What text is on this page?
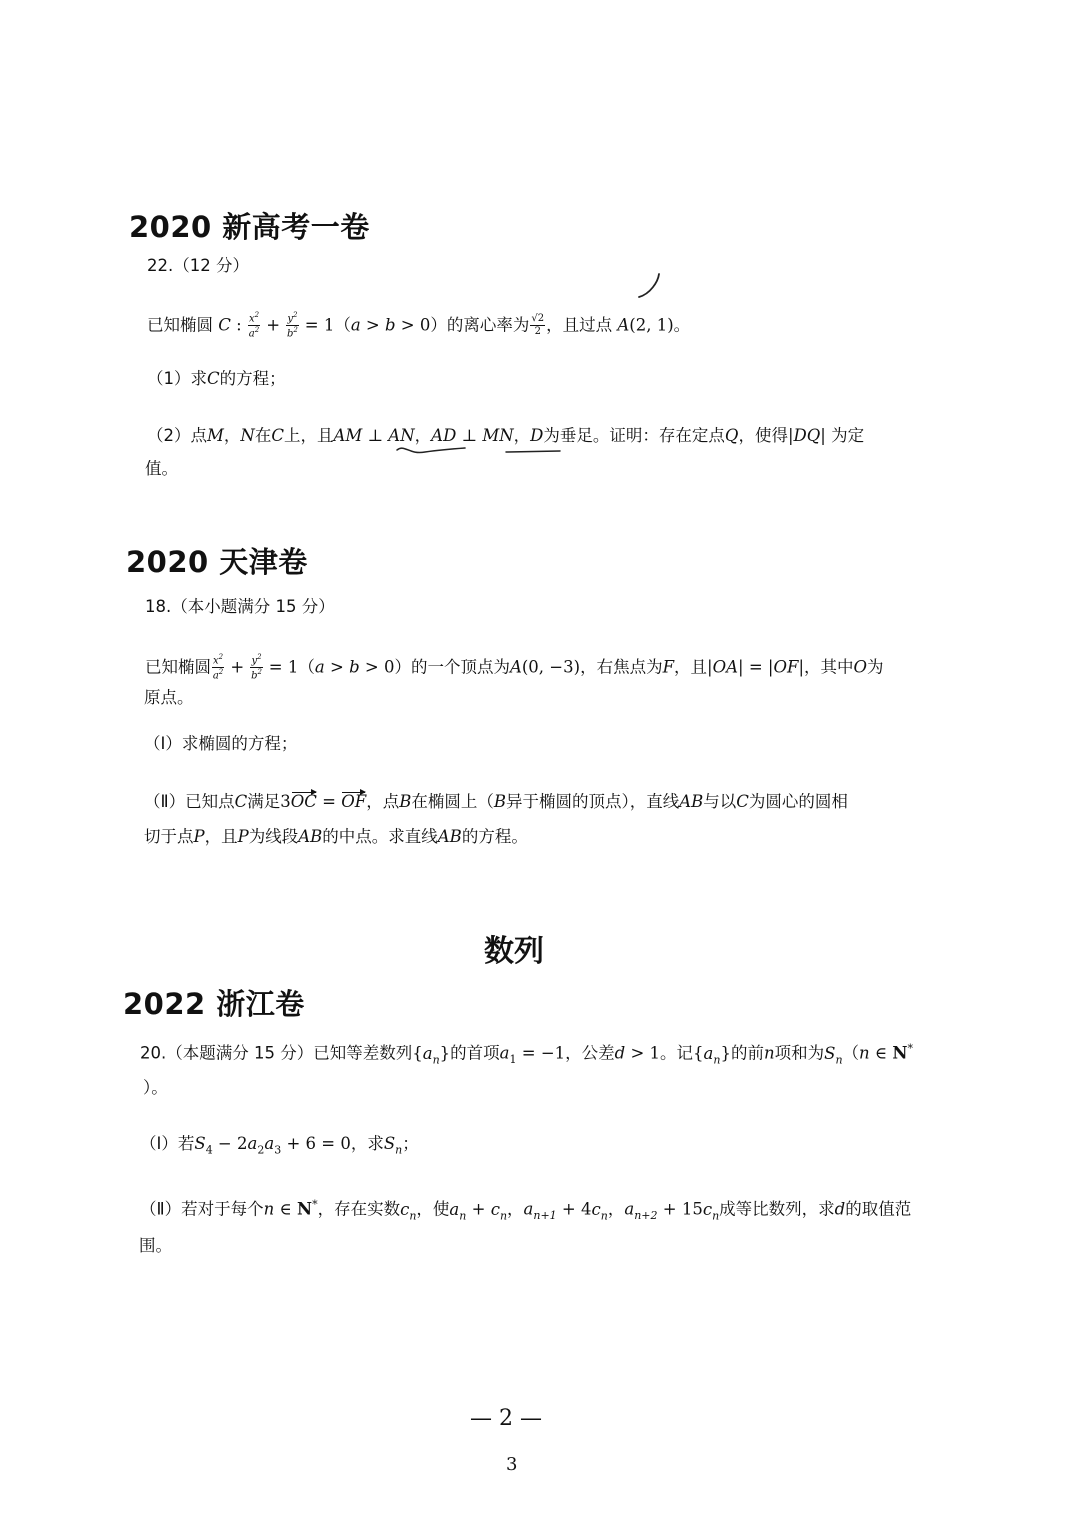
2020 新高考一卷
22.（12 分）
已知椭圆 C : $\frac{x^2}{a^2} + \frac{y^2}{b^2} = 1(a > b > 0)$的离心率为 $\frac{√2}{2}$ ，且过点 A(2, 1)。
（1）求C的方程；
（2）点M，N在C上，且AM ⊥ AN，AD ⊥ MN，D为垂足。证明：存在定点Q，使得|DQ| 为定
值。
2020 天津卷
18.（本小题满分 15 分）
已知椭圆 $\frac{x^2}{a^2} + \frac{y^2}{b^2} = 1(a > b > 0)$的一个顶点为A(0, −3)，右焦点为F，且|OA| = |OF|，其中O为
原点。
（Ⅰ）求椭圆的方程；
（Ⅱ）已知点C满足3OC = OF，点B在椭圆上（B异于椭圆的顶点），直线AB与以C为圆心的圆相
切于点P，且P为线段AB的中点。求直线AB的方程。
数列
2022 浙江卷
20.（本题满分 15 分）已知等差数列$\{a_n\}$的首项$a_1 = -1$，公差d > 1。记$\{a_n\}$的前n项和为$S_n(n$ ∈ N*
）。
（Ⅰ）若$S_4 - 2a_2a_3 + 6 = 0$，求$S_n$；
（Ⅱ）若对于每个n ∈ N*，存在实数$c_n$，使$a_n + c_n$，$a_{n+1} + 4c_n$，$a_{n+2} + 15c_n$成等比数列，求d的取值范
围。
— 2 —
3
